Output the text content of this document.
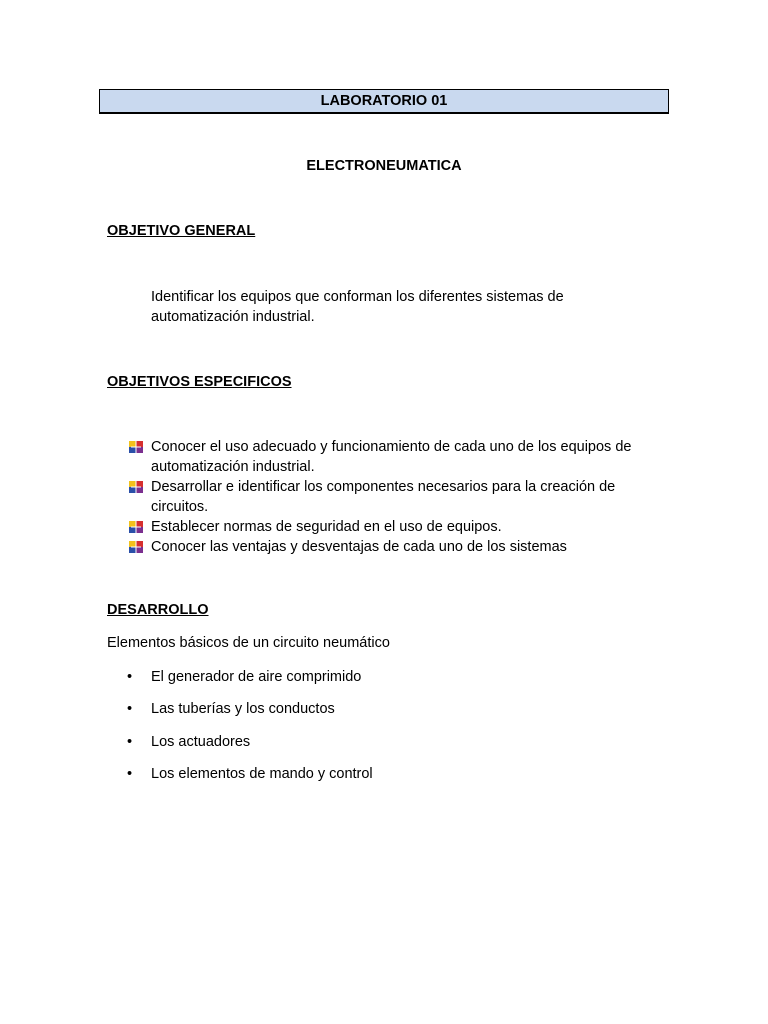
LABORATORIO 01
ELECTRONEUMATICA
OBJETIVO GENERAL
Identificar los equipos que conforman los diferentes sistemas de automatización industrial.
OBJETIVOS ESPECIFICOS
Conocer el uso adecuado y funcionamiento de cada uno de los equipos de automatización industrial.
Desarrollar e identificar los componentes necesarios para la creación de circuitos.
Establecer normas de seguridad en el uso de equipos.
Conocer las ventajas y desventajas de cada uno de los sistemas
DESARROLLO
Elementos básicos de un circuito neumático
• El generador de aire comprimido
• Las tuberías y los conductos
• Los actuadores
• Los elementos de mando y control
